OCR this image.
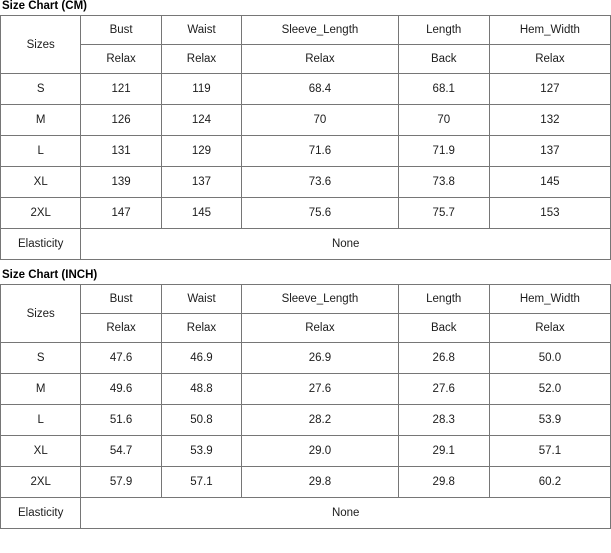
Size Chart (CM)
Sizes	Bust	Waist	Sleeve_Length	Length	Hem_Width
	Relax	Relax	Relax	Back	Relax
S	121	119	68.4	68.1	127
M	126	124	70	70	132
L	131	129	71.6	71.9	137
XL	139	137	73.6	73.8	145
2XL	147	145	75.6	75.7	153
Elasticity	None				
Size Chart (INCH)
Sizes	Bust	Waist	Sleeve_Length	Length	Hem_Width
	Relax	Relax	Relax	Back	Relax
S	47.6	46.9	26.9	26.8	50.0
M	49.6	48.8	27.6	27.6	52.0
L	51.6	50.8	28.2	28.3	53.9
XL	54.7	53.9	29.0	29.1	57.1
2XL	57.9	57.1	29.8	29.8	60.2
Elasticity	None				
